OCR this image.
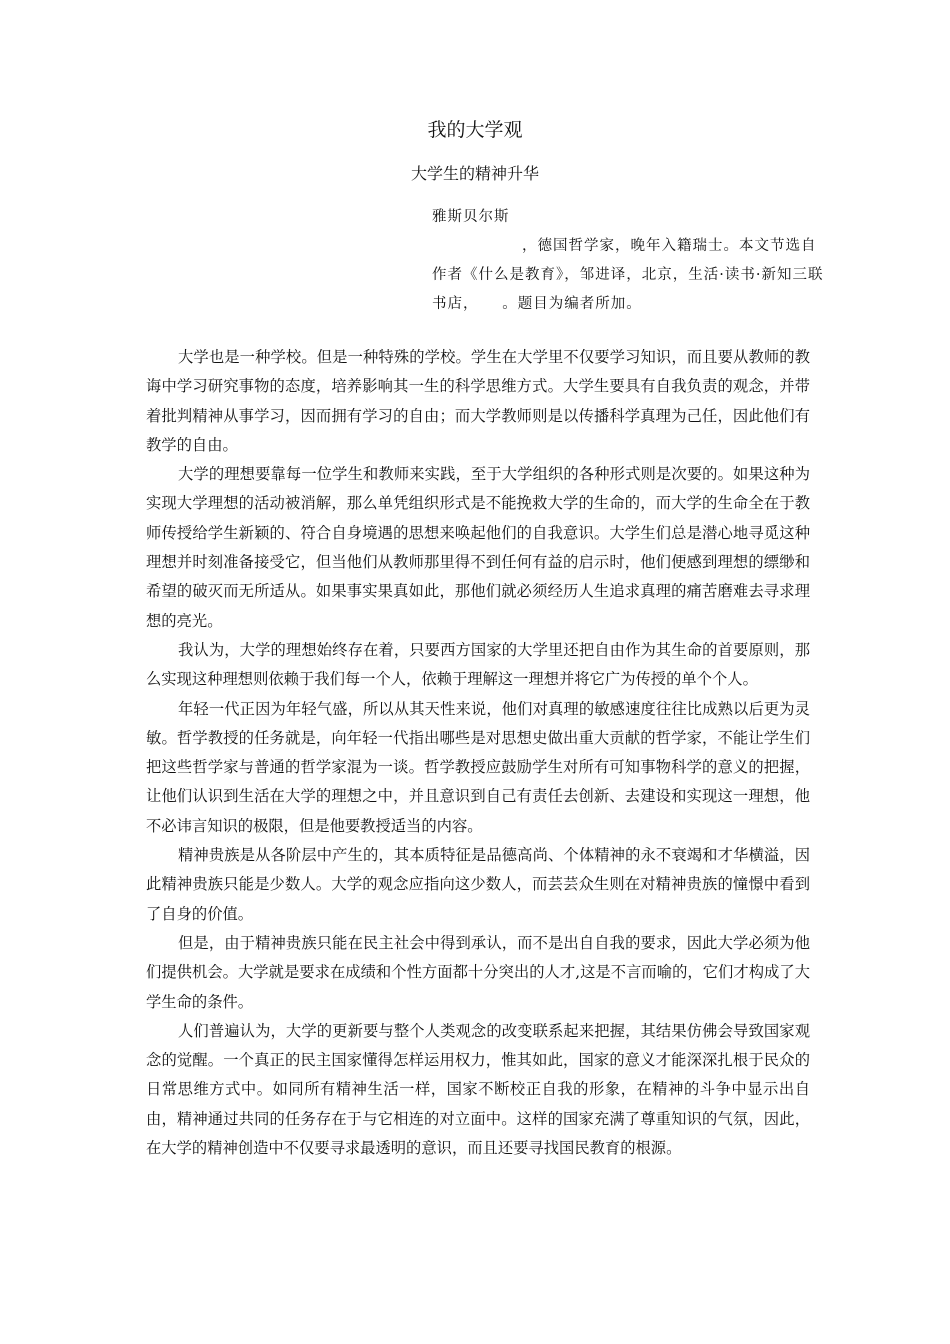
我的大学观
大学生的精神升华

雅斯贝尔斯

，德国哲学家，晚年入籍瑞士。本文节选自作者《什么是教育》，邹进译，北京，生活·读书·新知三联书店，　　。题目为编者所加。

大学也是一种学校。但是一种特殊的学校。学生在大学里不仅要学习知识，而且要从教师的教诲中学习研究事物的态度，培养影响其一生的科学思维方式。大学生要具有自我负责的观念，并带着批判精神从事学习，因而拥有学习的自由；而大学教师则是以传播科学真理为己任，因此他们有教学的自由。

大学的理想要靠每一位学生和教师来实践，至于大学组织的各种形式则是次要的。如果这种为实现大学理想的活动被消解，那么单凭组织形式是不能挽救大学的生命的，而大学的生命全在于教师传授给学生新颖的、符合自身境遇的思想来唤起他们的自我意识。大学生们总是潜心地寻觅这种理想并时刻准备接受它，但当他们从教师那里得不到任何有益的启示时，他们便感到理想的缥缈和希望的破灭而无所适从。如果事实果真如此，那他们就必须经历人生追求真理的痛苦磨难去寻求理想的亮光。

我认为，大学的理想始终存在着，只要西方国家的大学里还把自由作为其生命的首要原则，那么实现这种理想则依赖于我们每一个人，依赖于理解这一理想并将它广为传授的单个个人。

年轻一代正因为年轻气盛，所以从其天性来说，他们对真理的敏感速度往往比成熟以后更为灵敏。哲学教授的任务就是，向年轻一代指出哪些是对思想史做出重大贡献的哲学家，不能让学生们把这些哲学家与普通的哲学家混为一谈。哲学教授应鼓励学生对所有可知事物科学的意义的把握，让他们认识到生活在大学的理想之中，并且意识到自己有责任去创新、去建设和实现这一理想，他不必讳言知识的极限，但是他要教授适当的内容。

精神贵族是从各阶层中产生的，其本质特征是品德高尚、个体精神的永不衰竭和才华横溢，因此精神贵族只能是少数人。大学的观念应指向这少数人，而芸芸众生则在对精神贵族的憧憬中看到了自身的价值。

但是，由于精神贵族只能在民主社会中得到承认，而不是出自自我的要求，因此大学必须为他们提供机会。大学就是要求在成绩和个性方面都十分突出的人才,这是不言而喻的，它们才构成了大学生命的条件。

人们普遍认为，大学的更新要与整个人类观念的改变联系起来把握，其结果仿佛会导致国家观念的觉醒。一个真正的民主国家懂得怎样运用权力，惟其如此，国家的意义才能深深扎根于民众的日常思维方式中。如同所有精神生活一样，国家不断校正自我的形象，在精神的斗争中显示出自由，精神通过共同的任务存在于与它相连的对立面中。这样的国家充满了尊重知识的气氛，因此，在大学的精神创造中不仅要寻求最透明的意识，而且还要寻找国民教育的根源。
